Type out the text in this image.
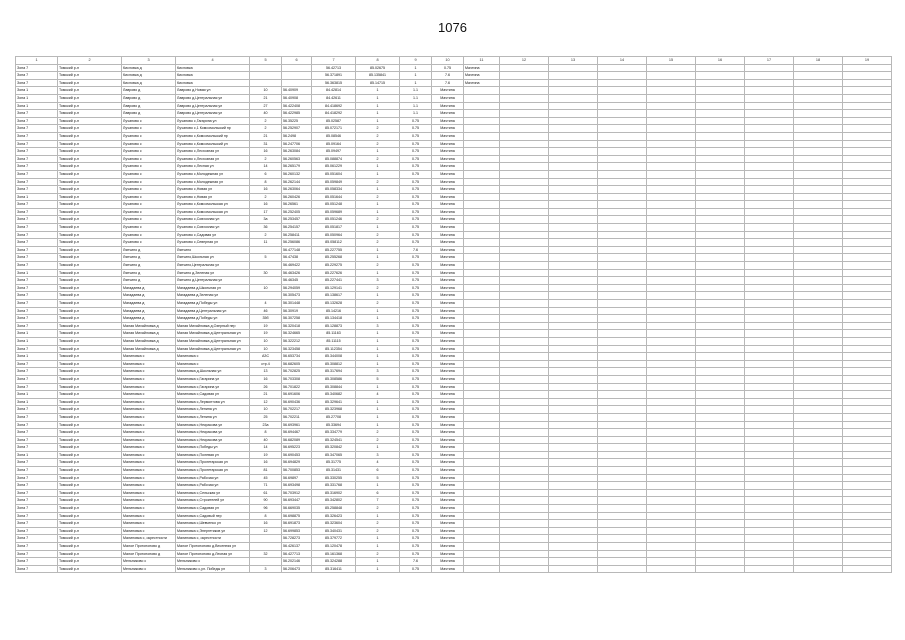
1076
1	2	3	4	5	6	7	8	9	10	11	12	13	14	15	16	17	18	19
Зона 7	Томский р-н	Кисловка д	Кисловка			56.42713	85.02675	1	0.75	Мачтина								
Зона 7	Томский р-н	Кисловка д	Кисловка			56.371891	85.135841	1	7.6	Мачтина								
Зона 7	Томский р-н	Кисловка д	Кисловка			56.363815	85.14715	1	7.6	Мачтина								
Зона 1	Томский р-н	Лаврово д	Лаврово д,Новая ул	10	56.40909	84.42814	1	1.1	Мачтина									
Зона 1	Томский р-н	Лаврово д	Лаврово д,Центральная ул	21	56.40908	84.42611	1	1.1	Мачтина									
Зона 1	Томский р-н	Лаврово д	Лаврово д,Центральная ул	27	56.422408	84.418692	1	1.1	Мачтина									
Зона 7	Томский р-н	Лаврово д	Лаврово д,Центральная ул	40	56.422985	84.418292	1	1.1	Мачтина									
Зона 7	Томский р-н	Лучаново с	Лучаново с,Гагарина ул	2	56.35225	85.02587	1	0.75	Мачтина									
Зона 7	Томский р-н	Лучаново с	Лучаново с,1 Комсомольский пр	2	56.252907	85.072171	2	0.75	Мачтина									
Зона 7	Томский р-н	Лучаново с	Лучаново с,Комсомольский пр	21	56.2498	85.08546	2	0.75	Мачтина									
Зона 7	Томский р-н	Лучаново с	Лучаново с,Комсомольский ул	31	56.247706	85.09164	2	0.75	Мачтина									
Зона 7	Томский р-н	Лучаново с	Лучаново с,Лесхозная ул	16	56.263084	85.09497	1	0.75	Мачтина									
Зона 7	Томский р-н	Лучаново с	Лучаново с,Лесхозная ул	2	56.260563	85.088874	2	0.75	Мачтина									
Зона 7	Томский р-н	Лучаново с	Лучаново с,Лесная ул	14	56.265179	85.061229	1	0.75	Мачтина									
Зона 7	Томский р-н	Лучаново с	Лучаново с,Молодежная ул	6	56.260132	85.051604	1	0.75	Мачтина									
Зона 7	Томский р-н	Лучаново с	Лучаново с,Молодежная ул	8	56.262144	85.059849	2	0.75	Мачтина									
Зона 7	Томский р-н	Лучаново с	Лучаново с,Новая ул	16	56.263064	85.058334	1	0.75	Мачтина									
Зона 1	Томский р-н	Лучаново с	Лучаново с,Новая ул	2	56.260426	85.051644	2	0.75	Мачтина									
Зона 7	Томский р-н	Лучаново с	Лучаново с,Комсомольская ул	16	56.26561	85.051248	1	0.75	Мачтина									
Зона 7	Томский р-н	Лучаново с	Лучаново с,Комсомольская ул	17	56.252405	85.059689	1	0.75	Мачтина									
Зона 7	Томский р-н	Лучаново с	Лучаново с,Совхозная ул	3а	56.253457	85.051246	2	0.75	Мачтина									
Зона 7	Томский р-н	Лучаново с	Лучаново с,Совхозная ул	36	56.254157	85.051817	1	0.75	Мачтина									
Зона 7	Томский р-н	Лучаново с	Лучаново с,Садовая ул	2	56.258411	85.050964	2	0.75	Мачтина									
Зона 7	Томский р-н	Лучаново с	Лучаново с,Северная ул	11	56.256086	85.058112	2	0.75	Мачтина									
Зона 7	Томский р-н	Ляпчино д	Ляпчино		56.477148	85.227755	1	7.6	Мачтина									
Зона 7	Томский р-н	Ляпчино д	Ляпчино,Школьная ул	5	56.47438	85.255268	1	0.75	Мачтина									
Зона 7	Томский р-н	Ляпчино д	Ляпчино,Центральная ул		56.469422	85.229275	2	0.75	Мачтина									
Зона 1	Томский р-н	Ляпчино д	Ляпчино д,Зеленая ул	30	56.463426	85.227626	1	0.75	Мачтина									
Зона 7	Томский р-н	Ляпчино д	Ляпчино д,Центральная ул		56.46345	85.227441	3	0.75	Мачтина									
Зона 7	Томский р-н	Магадаева д	Магадаева д,Школьная ул	10	56.294059	85.129141	2	0.75	Мачтина									
Зона 7	Томский р-н	Магадаева д	Магадаева д,Зеленая ул		56.305473	85.138617	1	0.75	Мачтина									
Зона 7	Томский р-н	Магадаева д	Магадаева д,Победы ул	4	56.301448	85.132628	2	0.75	Мачтина									
Зона 7	Томский р-н	Магадаева д	Магадаева д,Центральная ул	46	56.30919	85.14216	1	0.75	Мачтина									
Зона 7	Томский р-н	Магадаева д	Магадаева д,Победы ул	35б	56.307258	85.134418	1	0.75	Мачтина									
Зона 7	Томский р-н	Малая Михайловка д	Малая Михайловка д,Озерный пер	19	56.320418	85.128873	3	0.75	Мачтина									
Зона 1	Томский р-н	Малая Михайловка д	Малая Михайловка д,Центральная ул	19	56.324665	85.11163	1	0.75	Мачтина									
Зона 1	Томский р-н	Малая Михайловка д	Малая Михайловка д,Центральная ул	10	56.322212	85.11115	1	0.75	Мачтина									
Зона 7	Томский р-н	Малая Михайловка д	Малая Михайловка д,Центральная ул	10	56.323458	85.112354	1	0.75	Мачтина									
Зона 1	Томский р-н	Малиновка с	Малиновка с	АЗС	56.653734	85.344008	1	0.75	Мачтина									
Зона 7	Томский р-н	Малиновка с	Малиновка с	стр.4	56.682605	85.308812	1	0.75	Мачтина									
Зона 7	Томский р-н	Малиновка с	Малиновка д,Школьная ул	13	56.702825	85.317694	3	0.75	Мачтина									
Зона 7	Томский р-н	Малиновка с	Малиновка с,Гагарина ул	16	56.703308	85.308586	5	0.75	Мачтина									
Зона 7	Томский р-н	Малиновка с	Малиновка с,Гагарина ул	26	56.701822	85.308844	1	0.75	Мачтина									
Зона 1	Томский р-н	Малиновка с	Малиновка с,Садовая ул	21	56.691606	85.340682	4	0.75	Мачтина									
Зона 1	Томский р-н	Малиновка с	Малиновка с,Лермонтова ул	12	56.690436	85.329641	1	0.75	Мачтина									
Зона 7	Томский р-н	Малиновка с	Малиновка с,Ленина ул	10	56.702217	85.323968	1	0.75	Мачтина									
Зона 7	Томский р-н	Малиновка с	Малиновка с,Ленина ул	25	56.702211	85.27708	1	0.75	Мачтина									
Зона 7	Томский р-н	Малиновка с	Малиновка с,Некрасова ул	23а	56.693961	85.33694	1	0.75	Мачтина									
Зона 7	Томский р-н	Малиновка с	Малиновка с,Некрасова ул	8	56.694467	85.334779	2	0.75	Мачтина									
Зона 7	Томский р-н	Малиновка с	Малиновка с,Некрасова ул	40	56.682089	85.324541	2	0.75	Мачтина									
Зона 7	Томский р-н	Малиновка с	Малиновка с,Победы ул	14	56.695223	85.320842	1	0.75	Мачтина									
Зона 1	Томский р-н	Малиновка с	Малиновка с,Полевая ул	19	56.690453	85.347065	3	0.75	Мачтина									
Зона 7	Томский р-н	Малиновка с	Малиновка с,Пролетарская ул	16	56.694829	85.31775	4	0.75	Мачтина									
Зона 7	Томский р-н	Малиновка с	Малиновка с,Пролетарская ул	81	56.700853	85.31431	6	0.75	Мачтина									
Зона 7	Томский р-н	Малиновка с	Малиновка с,Рабочая ул	45	56.69897	85.330255	5	0.75	Мачтина									
Зона 7	Томский р-н	Малиновка с	Малиновка с,Рабочая ул	71	56.693498	85.331768	1	0.75	Мачтина									
Зона 7	Томский р-н	Малиновка с	Малиновка с,Сельская ул	61	56.703912	85.316902	6	0.75	Мачтина									
Зона 7	Томский р-н	Малиновка с	Малиновка с,Строителей ул	90	56.693447	85.342802	7	0.75	Мачтина									
Зона 7	Томский р-н	Малиновка с	Малиновка с,Садовая ул	96	56.669035	85.258848	2	0.75	Мачтина									
Зона 7	Томский р-н	Малиновка с	Малиновка с,Садовый пер	8	56.698875	85.326423	1	0.75	Мачтина									
Зона 7	Томский р-н	Малиновка с	Малиновка с,Шевченко ул	16	56.691873	85.323604	2	0.75	Мачтина									
Зона 7	Томский р-н	Малиновка с	Малиновка с,Энергетиков ул	12	56.699853	85.340431	2	0.75	Мачтина									
Зона 7	Томский р-н	Малиновка с, окрестности	Малиновка с, окрестности		56.728273	85.379772	1	0.75	Мачтина									
Зона 7	Томский р-н	Малое Протопопово д	Малое Протопопово д,Весенняя ул		56.426137	85.120478	1	0.75	Мачтина									
Зона 7	Томский р-н	Малое Протопопово д	Малое Протопопово д,Лесная ул	32	56.427713	85.161368	2	0.75	Мачтина									
Зона 7	Томский р-н	Мельниково с	Мельниково с		56.202146	85.324288	1	7.6	Мачтина									
Зона 7	Томский р-н	Мельниково с	Мельниково с,ул. Победы ул	3	56.206473	85.316411	1	0.75	Мачтина									
